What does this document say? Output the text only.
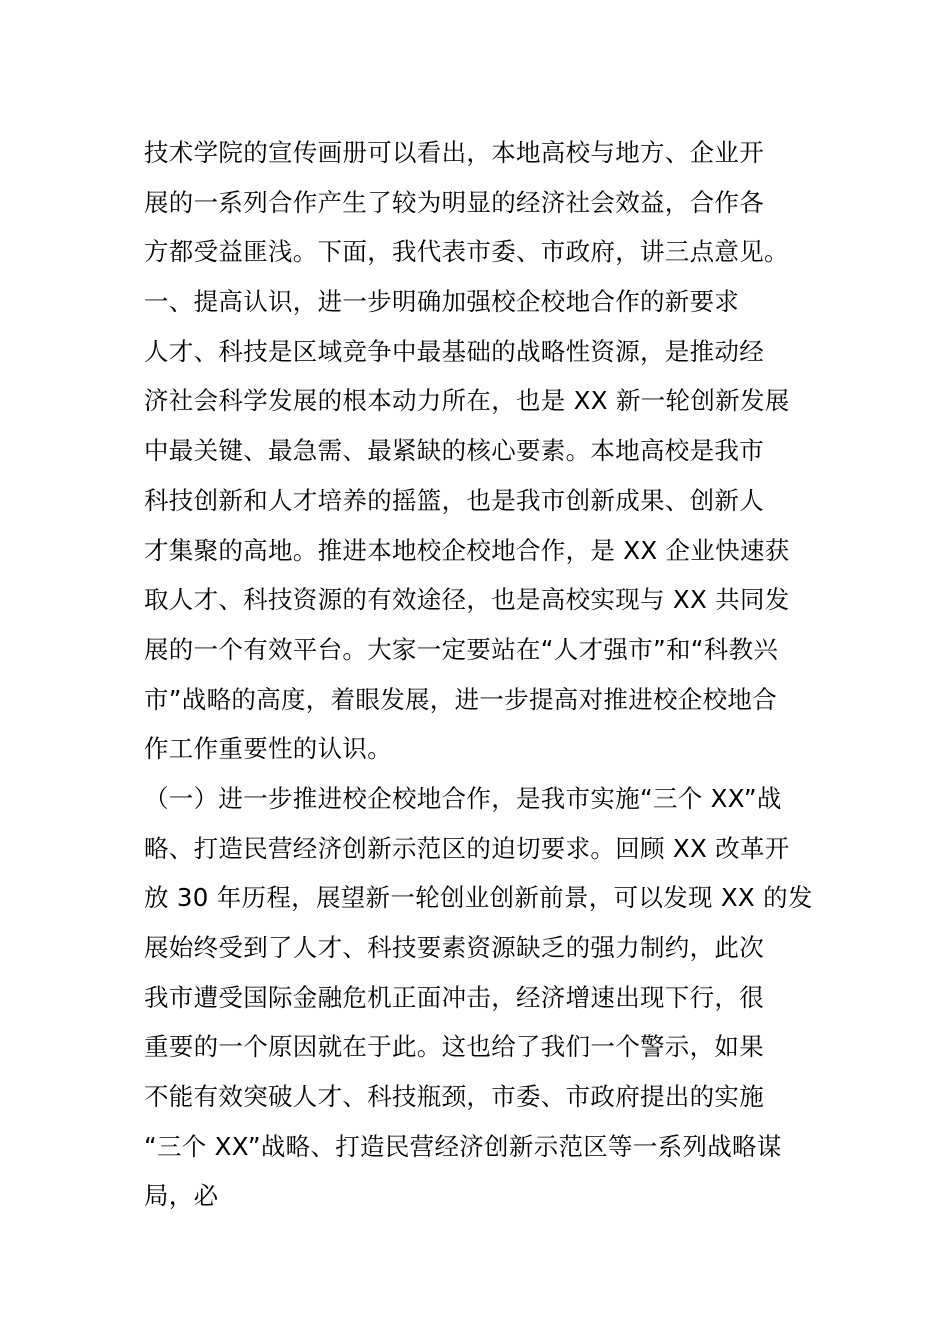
技术学院的宣传画册可以看出，本地高校与地方、企业开
展的一系列合作产生了较为明显的经济社会效益，合作各
方都受益匪浅。下面，我代表市委、市政府，讲三点意见。
一、提高认识，进一步明确加强校企校地合作的新要求
人才、科技是区域竞争中最基础的战略性资源，是推动经
济社会科学发展的根本动力所在，也是 XX 新一轮创新发展
中最关键、最急需、最紧缺的核心要素。本地高校是我市
科技创新和人才培养的摇篮，也是我市创新成果、创新人
才集聚的高地。推进本地校企校地合作，是 XX 企业快速获
取人才、科技资源的有效途径，也是高校实现与 XX 共同发
展的一个有效平台。大家一定要站在“人才强市”和“科教兴
市”战略的高度，着眼发展，进一步提高对推进校企校地合
作工作重要性的认识。
（一）进一步推进校企校地合作，是我市实施“三个 XX”战
略、打造民营经济创新示范区的迫切要求。回顾 XX 改革开
放 30 年历程，展望新一轮创业创新前景，可以发现 XX 的发
展始终受到了人才、科技要素资源缺乏的强力制约，此次
我市遭受国际金融危机正面冲击，经济增速出现下行，很
重要的一个原因就在于此。这也给了我们一个警示，如果
不能有效突破人才、科技瓶颈，市委、市政府提出的实施
“三个 XX”战略、打造民营经济创新示范区等一系列战略谋
局，必
